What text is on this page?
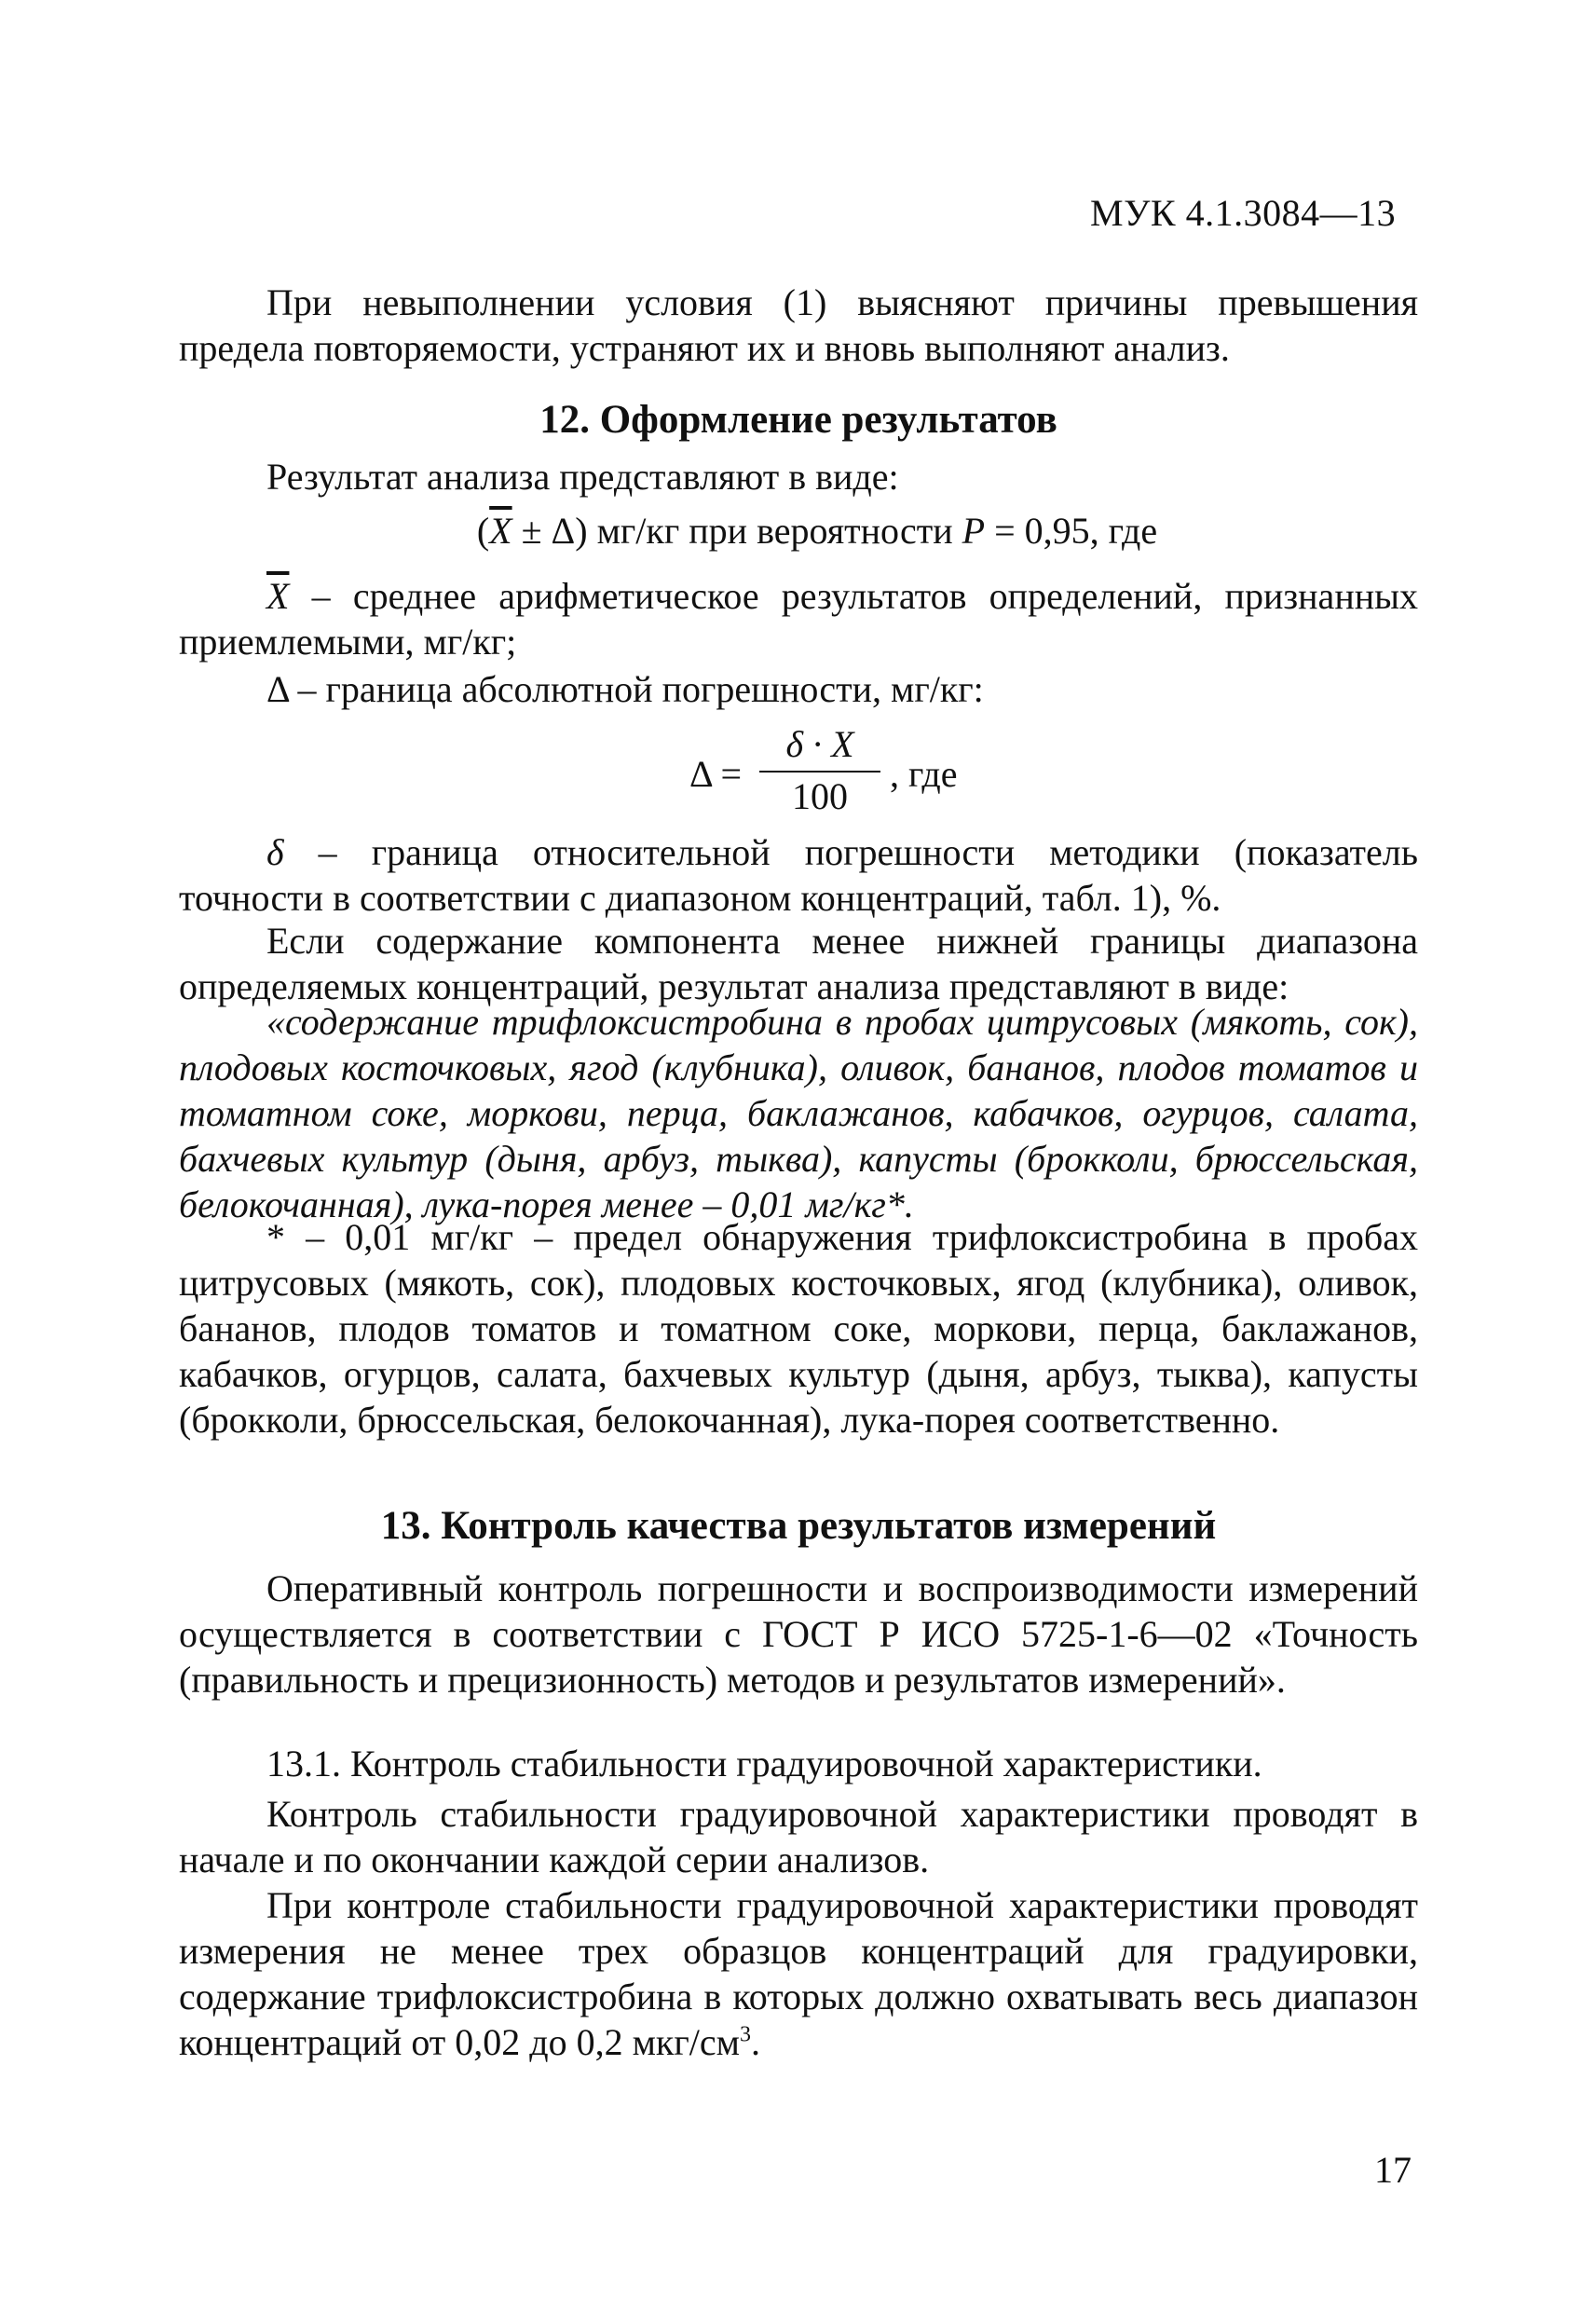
МУК 4.1.3084—13

При невыполнении условия (1) выясняют причины превышения предела повторяемости, устраняют их и вновь выполняют анализ.

12. Оформление результатов

Результат анализа представляют в виде:

$(\overline{X} \pm \Delta)$ мг/кг при вероятности P = 0,95, где

$\overline{X}$ – среднее арифметическое результатов определений, признанных приемлемыми, мг/кг;

Δ – граница абсолютной погрешности, мг/кг:

Δ =
δ · X
100
, где

δ – граница относительной погрешности методики (показатель точности в соответствии с диапазоном концентраций, табл. 1), %.

Если содержание компонента менее нижней границы диапазона определяемых концентраций, результат анализа представляют в виде:

«содержание трифлоксистробина в пробах цитрусовых (мякоть, сок), плодовых косточковых, ягод (клубника), оливок, бананов, плодов томатов и томатном соке, моркови, перца, баклажанов, кабачков, огурцов, салата, бахчевых культур (дыня, арбуз, тыква), капусты (брокколи, брюссельская, белокочанная), лука-порея менее – 0,01 мг/кг*.

* – 0,01 мг/кг – предел обнаружения трифлоксистробина в пробах цитрусовых (мякоть, сок), плодовых косточковых, ягод (клубника), оливок, бананов, плодов томатов и томатном соке, моркови, перца, баклажанов, кабачков, огурцов, салата, бахчевых культур (дыня, арбуз, тыква), капусты (брокколи, брюссельская, белокочанная), лука-порея соответственно.

13. Контроль качества результатов измерений

Оперативный контроль погрешности и воспроизводимости измерений осуществляется в соответствии с ГОСТ Р ИСО 5725-1-6—02 «Точность (правильность и прецизионность) методов и результатов измерений».

13.1. Контроль стабильности градуировочной характеристики.

Контроль стабильности градуировочной характеристики проводят в начале и по окончании каждой серии анализов.

При контроле стабильности градуировочной характеристики проводят измерения не менее трех образцов концентраций для градуировки, содержание трифлоксистробина в которых должно охватывать весь диапазон концентраций от 0,02 до 0,2 мкг/$см^3$.

17
